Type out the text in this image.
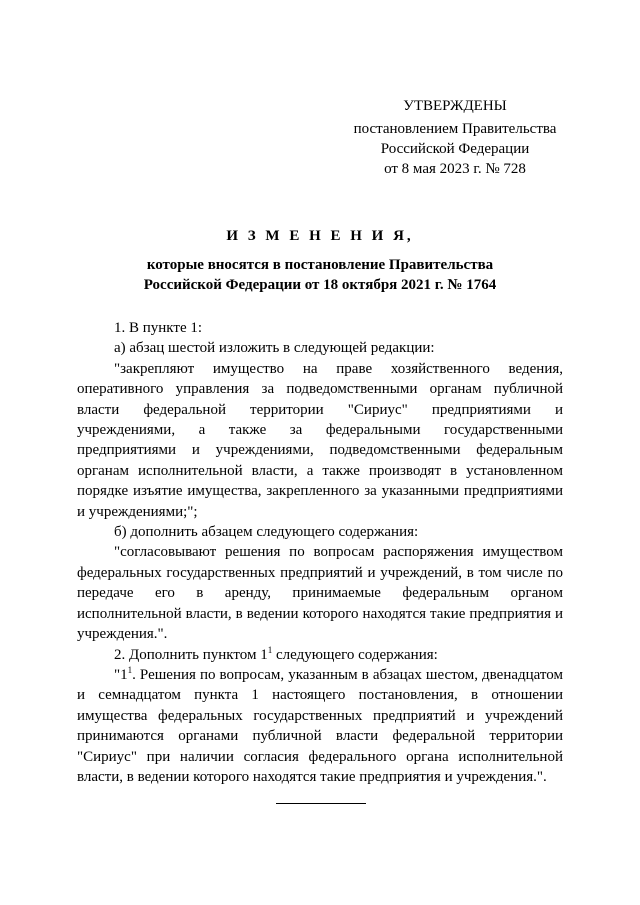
УТВЕРЖДЕНЫ
постановлением Правительства
Российской Федерации
от 8 мая 2023 г. № 728
И З М Е Н Е Н И Я,
которые вносятся в постановление Правительства
Российской Федерации от 18 октября 2021 г. № 1764

1. В пункте 1:

а) абзац шестой изложить в следующей редакции:

"закрепляют имущество на праве хозяйственного ведения, оперативного управления за подведомственными органам публичной власти федеральной территории "Сириус" предприятиями и учреждениями, а также за федеральными государственными предприятиями и учреждениями, подведомственными федеральным органам исполнительной власти, а также производят в установленном порядке изъятие имущества, закрепленного за указанными предприятиями и учреждениями;";

б) дополнить абзацем следующего содержания:

"согласовывают решения по вопросам распоряжения имуществом федеральных государственных предприятий и учреждений, в том числе по передаче его в аренду, принимаемые федеральным органом исполнительной власти, в ведении которого находятся такие предприятия и учреждения.".

2. Дополнить пунктом $1^1$ следующего содержания:

"$1^1$. Решения по вопросам, указанным в абзацах шестом, двенадцатом и семнадцатом пункта 1 настоящего постановления, в отношении имущества федеральных государственных предприятий и учреждений принимаются органами публичной власти федеральной территории "Сириус" при наличии согласия федерального органа исполнительной власти, в ведении которого находятся такие предприятия и учреждения.".
